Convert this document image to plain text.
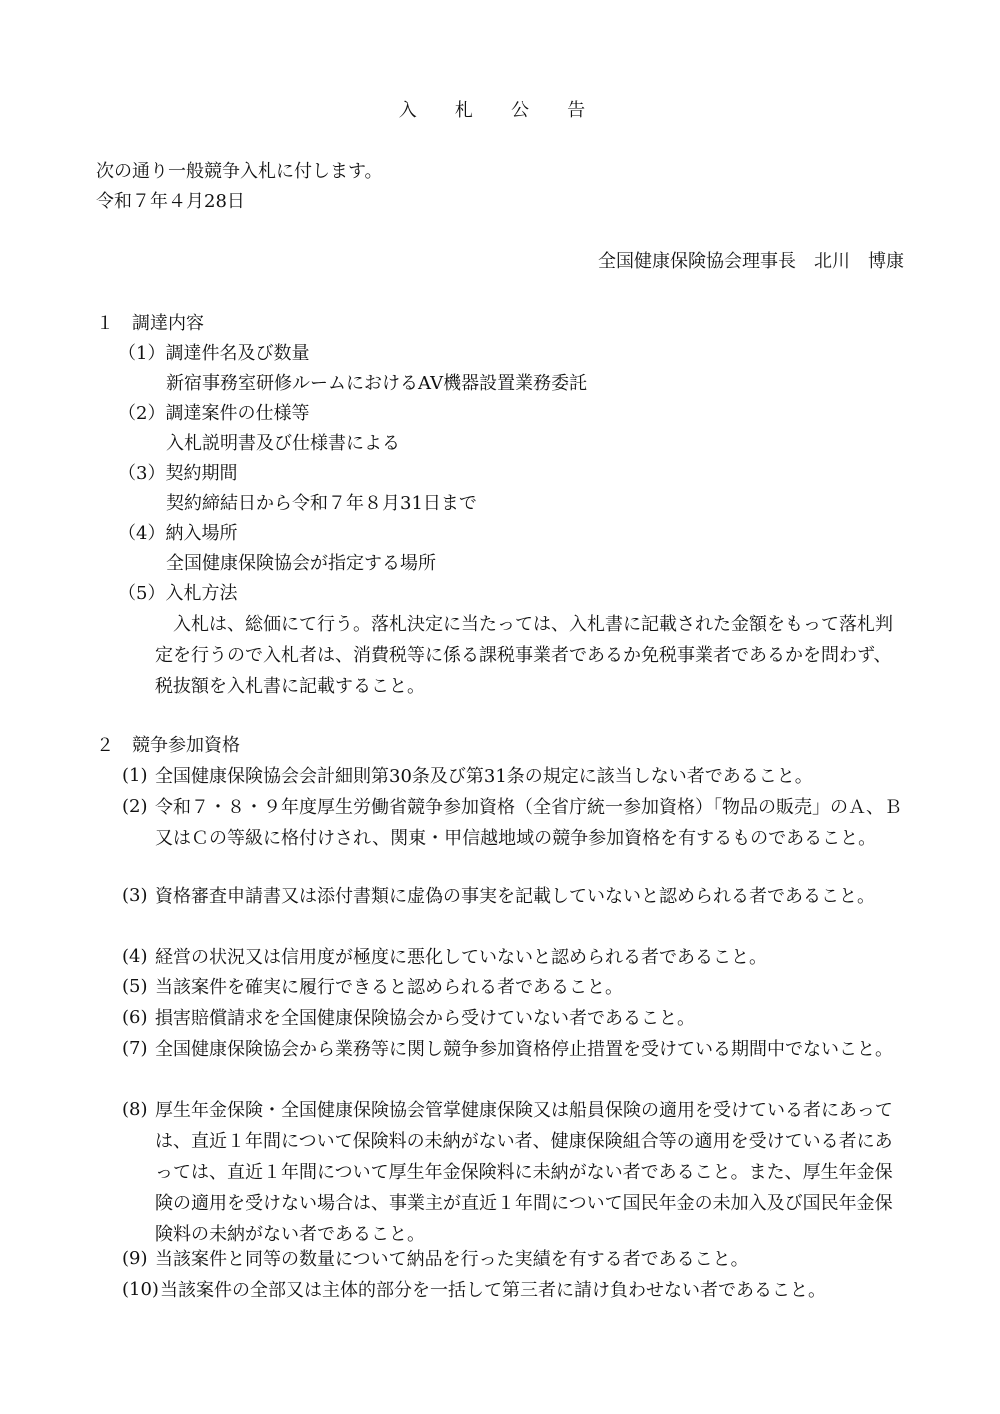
入 札 公 告
次の通り一般競争入札に付します。
令和７年４月28日
全国健康保険協会理事長　北川　博康
１　調達内容
（1）調達件名及び数量
新宿事務室研修ルームにおけるAV機器設置業務委託
（2）調達案件の仕様等
入札説明書及び仕様書による
（3）契約期間
契約締結日から令和７年８月31日まで
（4）納入場所
全国健康保険協会が指定する場所
（5）入札方法
入札は、総価にて行う。落札決定に当たっては、入札書に記載された金額をもって落札判定を行うので入札者は、消費税等に係る課税事業者であるか免税事業者であるかを問わず、税抜額を入札書に記載すること。
２　競争参加資格
(1) 全国健康保険協会会計細則第30条及び第31条の規定に該当しない者であること。
(2) 令和７・８・９年度厚生労働省競争参加資格（全省庁統一参加資格）「物品の販売」のＡ、Ｂ又はＣの等級に格付けされ、関東・甲信越地域の競争参加資格を有するものであること。
(3) 資格審査申請書又は添付書類に虚偽の事実を記載していないと認められる者であること。
(4) 経営の状況又は信用度が極度に悪化していないと認められる者であること。
(5) 当該案件を確実に履行できると認められる者であること。
(6) 損害賠償請求を全国健康保険協会から受けていない者であること。
(7) 全国健康保険協会から業務等に関し競争参加資格停止措置を受けている期間中でないこと。
(8) 厚生年金保険・全国健康保険協会管掌健康保険又は船員保険の適用を受けている者にあっては、直近１年間について保険料の未納がない者、健康保険組合等の適用を受けている者にあっては、直近１年間について厚生年金保険料に未納がない者であること。また、厚生年金保険の適用を受けない場合は、事業主が直近１年間について国民年金の未加入及び国民年金保険料の未納がない者であること。
(9) 当該案件と同等の数量について納品を行った実績を有する者であること。
(10) 当該案件の全部又は主体的部分を一括して第三者に請け負わせない者であること。
